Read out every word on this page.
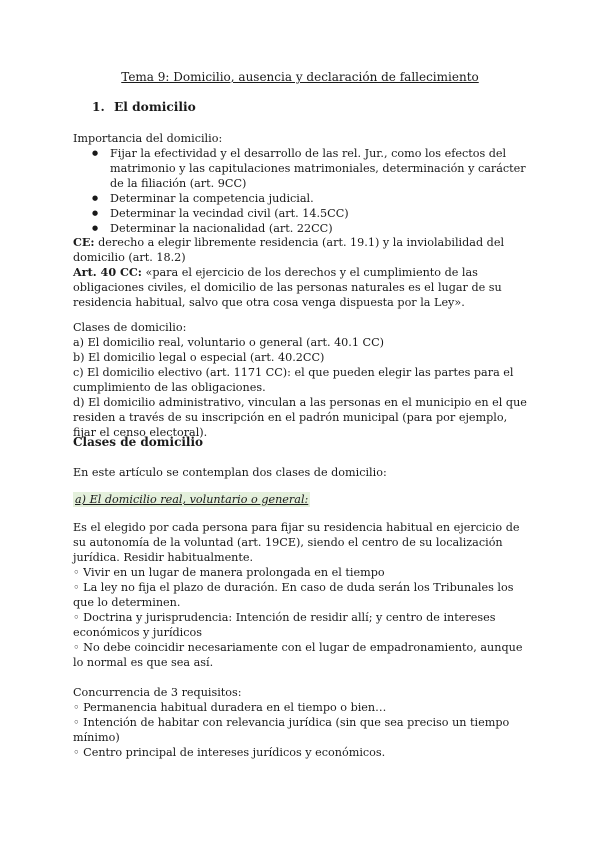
Tema 9: Domicilio, ausencia y declaración de fallecimiento
1. El domicilio

Importancia del domicilio:

● Fijar la efectividad y el desarrollo de las rel. Jur., como los efectos del matrimonio y las capitulaciones matrimoniales, determinación y carácter de la filiación (art. 9CC)
● Determinar la competencia judicial.
● Determinar la vecindad civil (art. 14.5CC)
● Determinar la nacionalidad (art. 22CC)

CE: derecho a elegir libremente residencia (art. 19.1) y la inviolabilidad del domicilio (art. 18.2)

Art. 40 CC: «para el ejercicio de los derechos y el cumplimiento de las obligaciones civiles, el domicilio de las personas naturales es el lugar de su residencia habitual, salvo que otra cosa venga dispuesta por la Ley».

Clases de domicilio:

a) El domicilio real, voluntario o general (art. 40.1 CC)

b) El domicilio legal o especial (art. 40.2CC)

c) El domicilio electivo (art. 1171 CC): el que pueden elegir las partes para el cumplimiento de las obligaciones.

d) El domicilio administrativo, vinculan a las personas en el municipio en el que residen a través de su inscripción en el padrón municipal (para por ejemplo, fijar el censo electoral).

Clases de domicilio
En este artículo se contemplan dos clases de domicilio:
a) El domicilio real, voluntario o general:

Es el elegido por cada persona para fijar su residencia habitual en ejercicio de su autonomía de la voluntad (art. 19CE), siendo el centro de su localización jurídica. Residir habitualmente.

◦ Vivir en un lugar de manera prolongada en el tiempo

◦ La ley no fija el plazo de duración. En caso de duda serán los Tribunales los que lo determinen.

◦ Doctrina y jurisprudencia: Intención de residir allí; y centro de intereses económicos y jurídicos

◦ No debe coincidir necesariamente con el lugar de empadronamiento, aunque lo normal es que sea así.

Concurrencia de 3 requisitos:

◦ Permanencia habitual duradera en el tiempo o bien…

◦ Intención de habitar con relevancia jurídica (sin que sea preciso un tiempo mínimo)

◦ Centro principal de intereses jurídicos y económicos.
